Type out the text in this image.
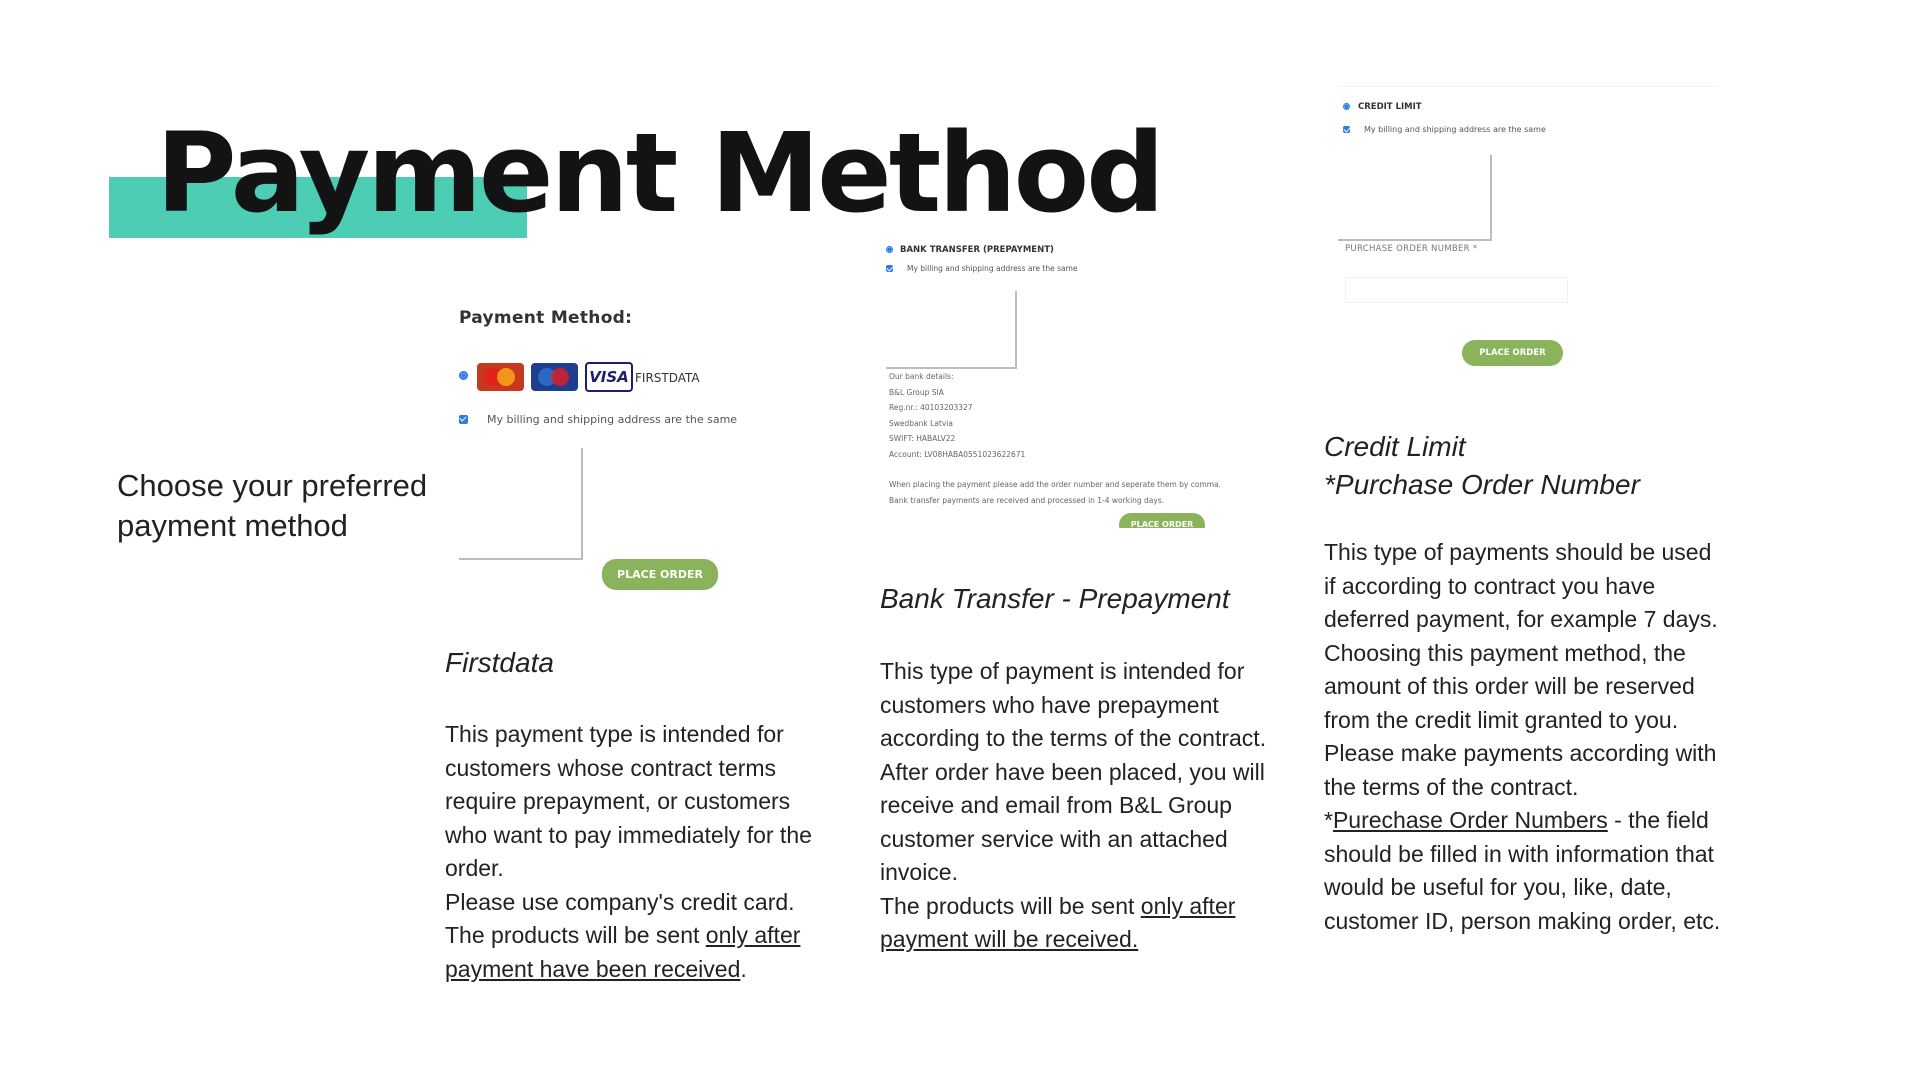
Payment Method
Choose your preferred payment method
Payment Method:
VISA FIRSTDATA
My billing and shipping address are the same
PLACE ORDER
Firstdata

This payment type is intended for customers whose contract terms require prepayment, or customers who want to pay immediately for the order.

Please use company's credit card.

The products will be sent only after payment have been received.

BANK TRANSFER (PREPAYMENT)
My billing and shipping address are the same
Our bank details:
B&L Group SIA
Reg.nr.: 40103203327
Swedbank Latvia
SWIFT: HABALV22
Account: LV08HABA0551023622671
When placing the payment please add the order number and seperate them by comma.
Bank transfer payments are received and processed in 1-4 working days.
PLACE ORDER
Bank Transfer - Prepayment

This type of payment is intended for customers who have prepayment according to the terms of the contract.

After order have been placed, you will receive and email from B&L Group customer service with an attached invoice.

The products will be sent only after payment will be received.

CREDIT LIMIT
My billing and shipping address are the same
PURCHASE ORDER NUMBER *
PLACE ORDER
Credit Limit
*Purchase Order Number

This type of payments should be used if according to contract you have deferred payment, for example 7 days.

Choosing this payment method, the amount of this order will be reserved from the credit limit granted to you.

Please make payments according with the terms of the contract.

*Purechase Order Numbers - the field should be filled in with information that would be useful for you, like, date, customer ID, person making order, etc.
